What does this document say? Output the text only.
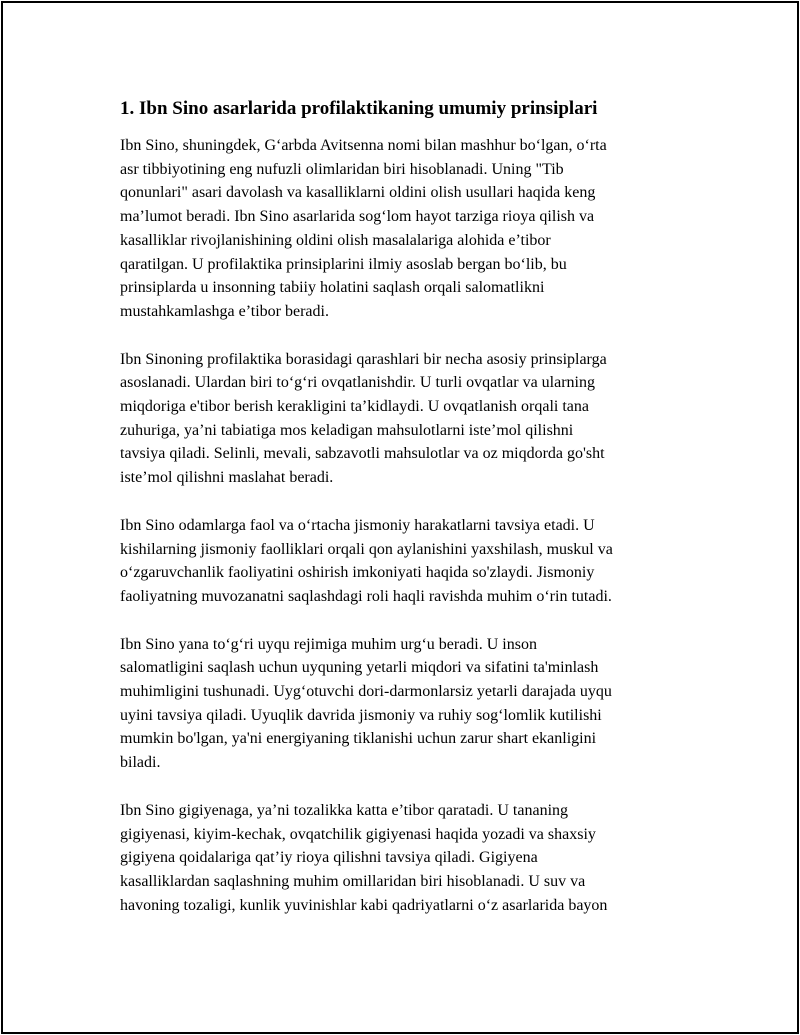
1. Ibn Sino asarlarida profilaktikaning umumiy prinsiplari

Ibn Sino, shuningdek, G‘arbda Avitsenna nomi bilan mashhur bo‘lgan, o‘rta
asr tibbiyotining eng nufuzli olimlaridan biri hisoblanadi. Uning "Tib
qonunlari" asari davolash va kasalliklarni oldini olish usullari haqida keng
ma’lumot beradi. Ibn Sino asarlarida sog‘lom hayot tarziga rioya qilish va
kasalliklar rivojlanishining oldini olish masalalariga alohida e’tibor
qaratilgan. U profilaktika prinsiplarini ilmiy asoslab bergan bo‘lib, bu
prinsiplarda u insonning tabiiy holatini saqlash orqali salomatlikni
mustahkamlashga e’tibor beradi.

Ibn Sinoning profilaktika borasidagi qarashlari bir necha asosiy prinsiplarga
asoslanadi. Ulardan biri to‘g‘ri ovqatlanishdir. U turli ovqatlar va ularning
miqdoriga e'tibor berish kerakligini ta’kidlaydi. U ovqatlanish orqali tana
zuhuriga, ya’ni tabiatiga mos keladigan mahsulotlarni iste’mol qilishni
tavsiya qiladi. Selinli, mevali, sabzavotli mahsulotlar va oz miqdorda go'sht
iste’mol qilishni maslahat beradi.

Ibn Sino odamlarga faol va o‘rtacha jismoniy harakatlarni tavsiya etadi. U
kishilarning jismoniy faolliklari orqali qon aylanishini yaxshilash, muskul va
o‘zgaruvchanlik faoliyatini oshirish imkoniyati haqida so'zlaydi. Jismoniy
faoliyatning muvozanatni saqlashdagi roli haqli ravishda muhim o‘rin tutadi.

Ibn Sino yana to‘g‘ri uyqu rejimiga muhim urg‘u beradi. U inson
salomatligini saqlash uchun uyquning yetarli miqdori va sifatini ta'minlash
muhimligini tushunadi. Uyg‘otuvchi dori-darmonlarsiz yetarli darajada uyqu
uyini tavsiya qiladi. Uyuqlik davrida jismoniy va ruhiy sog‘lomlik kutilishi
mumkin bo'lgan, ya'ni energiyaning tiklanishi uchun zarur shart ekanligini
biladi.

Ibn Sino gigiyenaga, ya’ni tozalikka katta e’tibor qaratadi. U tananing
gigiyenasi, kiyim-kechak, ovqatchilik gigiyenasi haqida yozadi va shaxsiy
gigiyena qoidalariga qat’iy rioya qilishni tavsiya qiladi. Gigiyena
kasalliklardan saqlashning muhim omillaridan biri hisoblanadi. U suv va
havoning tozaligi, kunlik yuvinishlar kabi qadriyatlarni o‘z asarlarida bayon
